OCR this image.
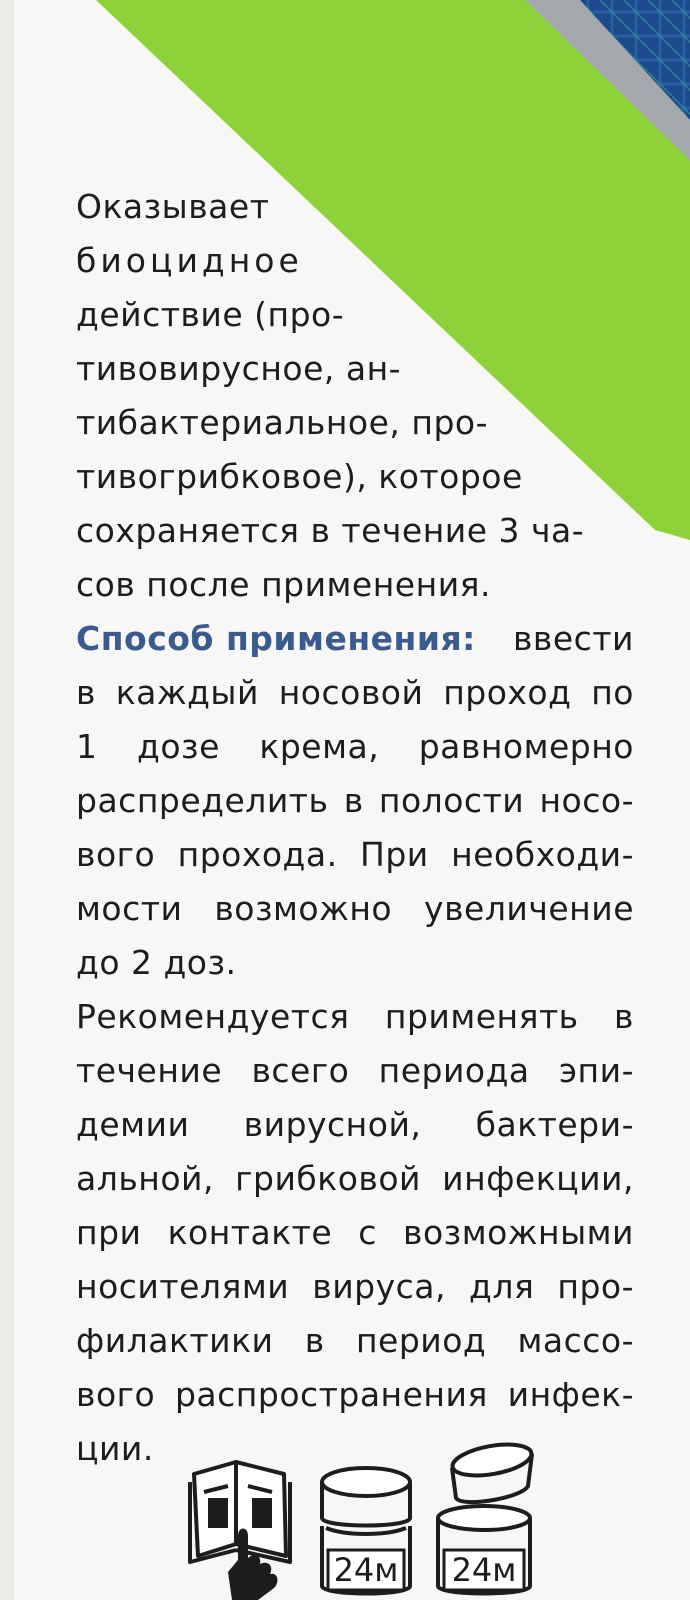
Оказывает
биоцидное
действие (про-
тивовирусное, ан-
тибактериальное, про-
тивогрибковое), которое
сохраняется в течение 3 ча-
сов после применения.
Способ применения: ввести
в каждый носовой проход по
1 дозе крема, равномерно
распределить в полости носо-
вого прохода. При необходи-
мости возможно увеличение
до 2 доз.
Рекомендуется применять в
течение всего периода эпи-
демии вирусной, бактери-
альной, грибковой инфекции,
при контакте с возможными
носителями вируса, для про-
филактики в период массо-
вого распространения инфек-
ции.
24м 24м
